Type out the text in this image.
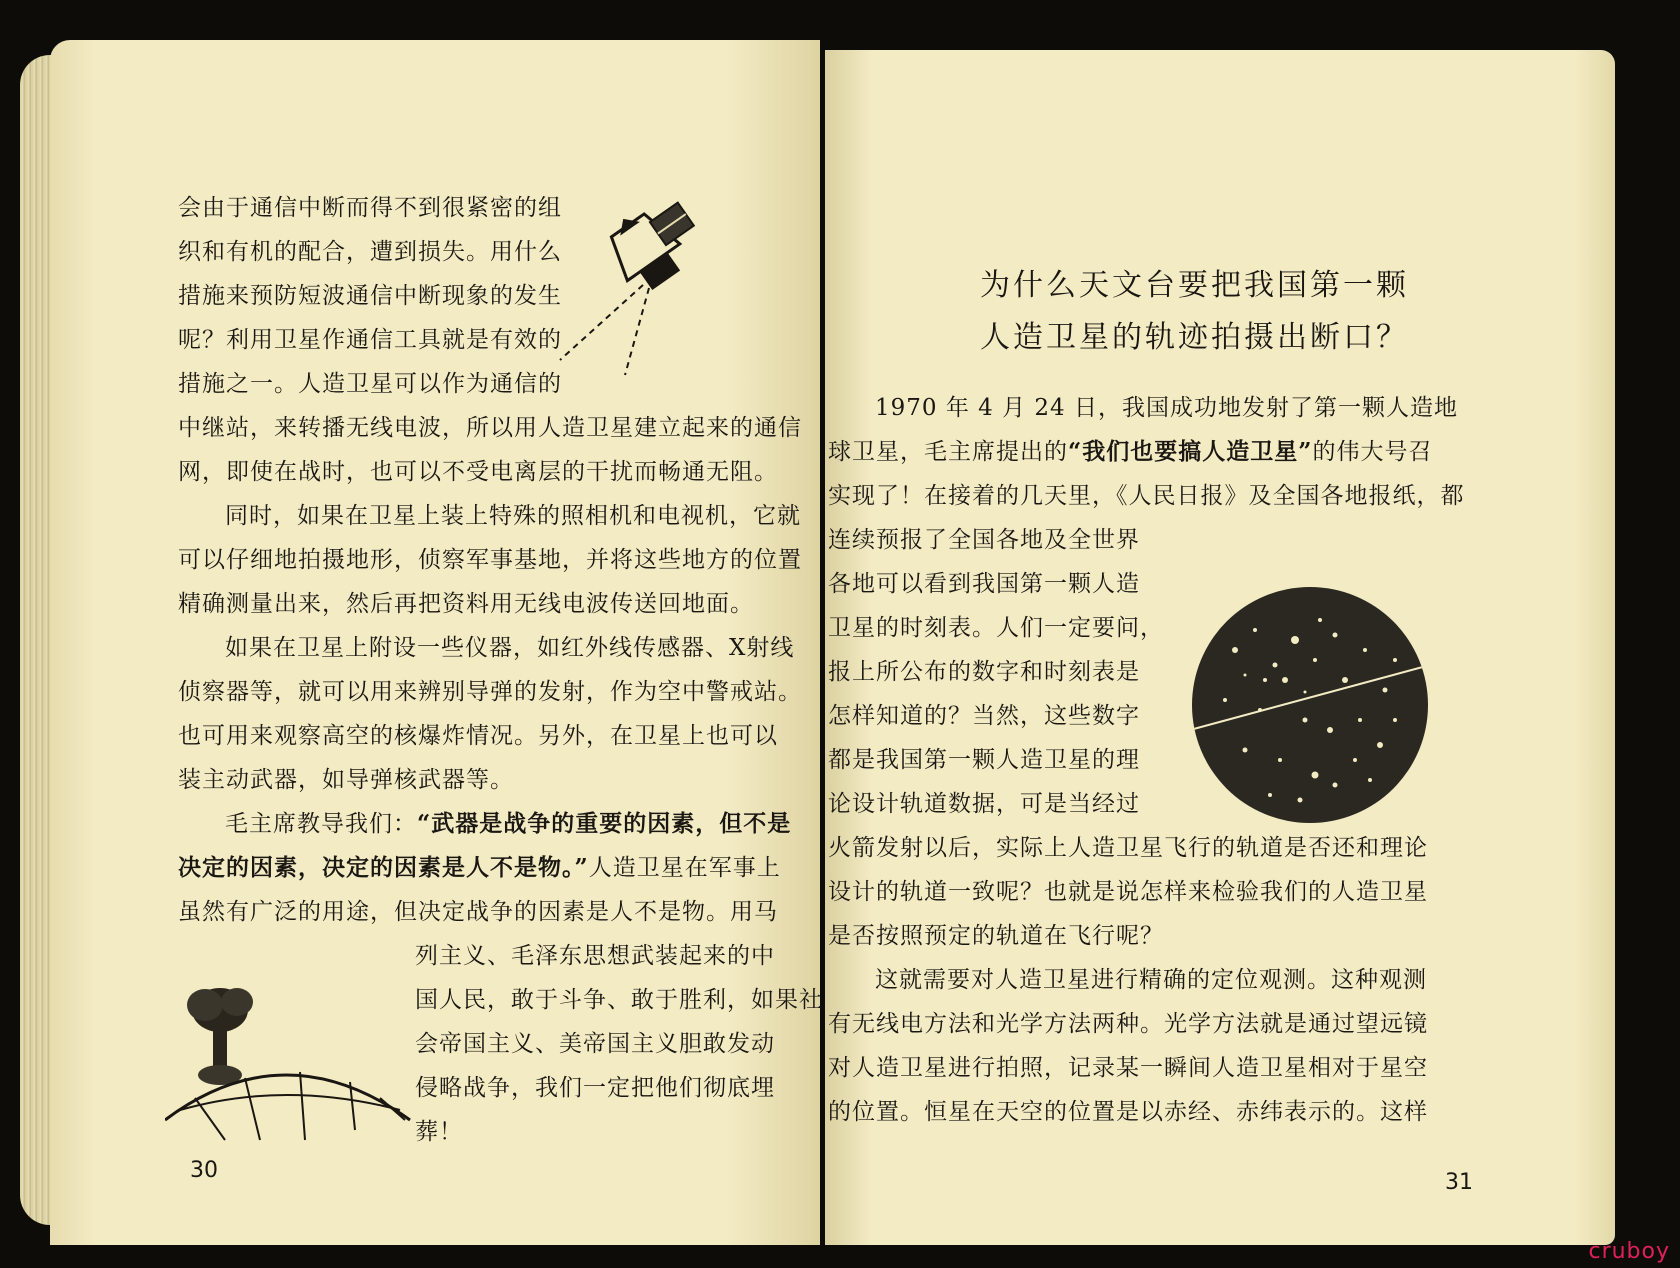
会由于通信中断而得不到很紧密的组
织和有机的配合，遭到损失。用什么
措施来预防短波通信中断现象的发生
呢？利用卫星作通信工具就是有效的
措施之一。人造卫星可以作为通信的
中继站，来转播无线电波，所以用人造卫星建立起来的通信
网，即使在战时，也可以不受电离层的干扰而畅通无阻。
同时，如果在卫星上装上特殊的照相机和电视机，它就
可以仔细地拍摄地形，侦察军事基地，并将这些地方的位置
精确测量出来，然后再把资料用无线电波传送回地面。
如果在卫星上附设一些仪器，如红外线传感器、X射线
侦察器等，就可以用来辨别导弹的发射，作为空中警戒站。
也可用来观察高空的核爆炸情况。另外，在卫星上也可以
装主动武器，如导弹核武器等。
毛主席教导我们：“武器是战争的重要的因素，但不是
决定的因素，决定的因素是人不是物。”人造卫星在军事上
虽然有广泛的用途，但决定战争的因素是人不是物。用马
列主义、毛泽东思想武装起来的中
国人民，敢于斗争、敢于胜利，如果社
会帝国主义、美帝国主义胆敢发动
侵略战争，我们一定把他们彻底埋
葬！
30
为什么天文台要把我国第一颗
人造卫星的轨迹拍摄出断口？
1970 年 4 月 24 日，我国成功地发射了第一颗人造地
球卫星，毛主席提出的“我们也要搞人造卫星”的伟大号召
实现了！在接着的几天里，《人民日报》及全国各地报纸，都
连续预报了全国各地及全世界
各地可以看到我国第一颗人造
卫星的时刻表。人们一定要问，
报上所公布的数字和时刻表是
怎样知道的？当然，这些数字
都是我国第一颗人造卫星的理
论设计轨道数据，可是当经过
火箭发射以后，实际上人造卫星飞行的轨道是否还和理论
设计的轨道一致呢？也就是说怎样来检验我们的人造卫星
是否按照预定的轨道在飞行呢？
这就需要对人造卫星进行精确的定位观测。这种观测
有无线电方法和光学方法两种。光学方法就是通过望远镜
对人造卫星进行拍照，记录某一瞬间人造卫星相对于星空
的位置。恒星在天空的位置是以赤经、赤纬表示的。这样
31
cruboy
